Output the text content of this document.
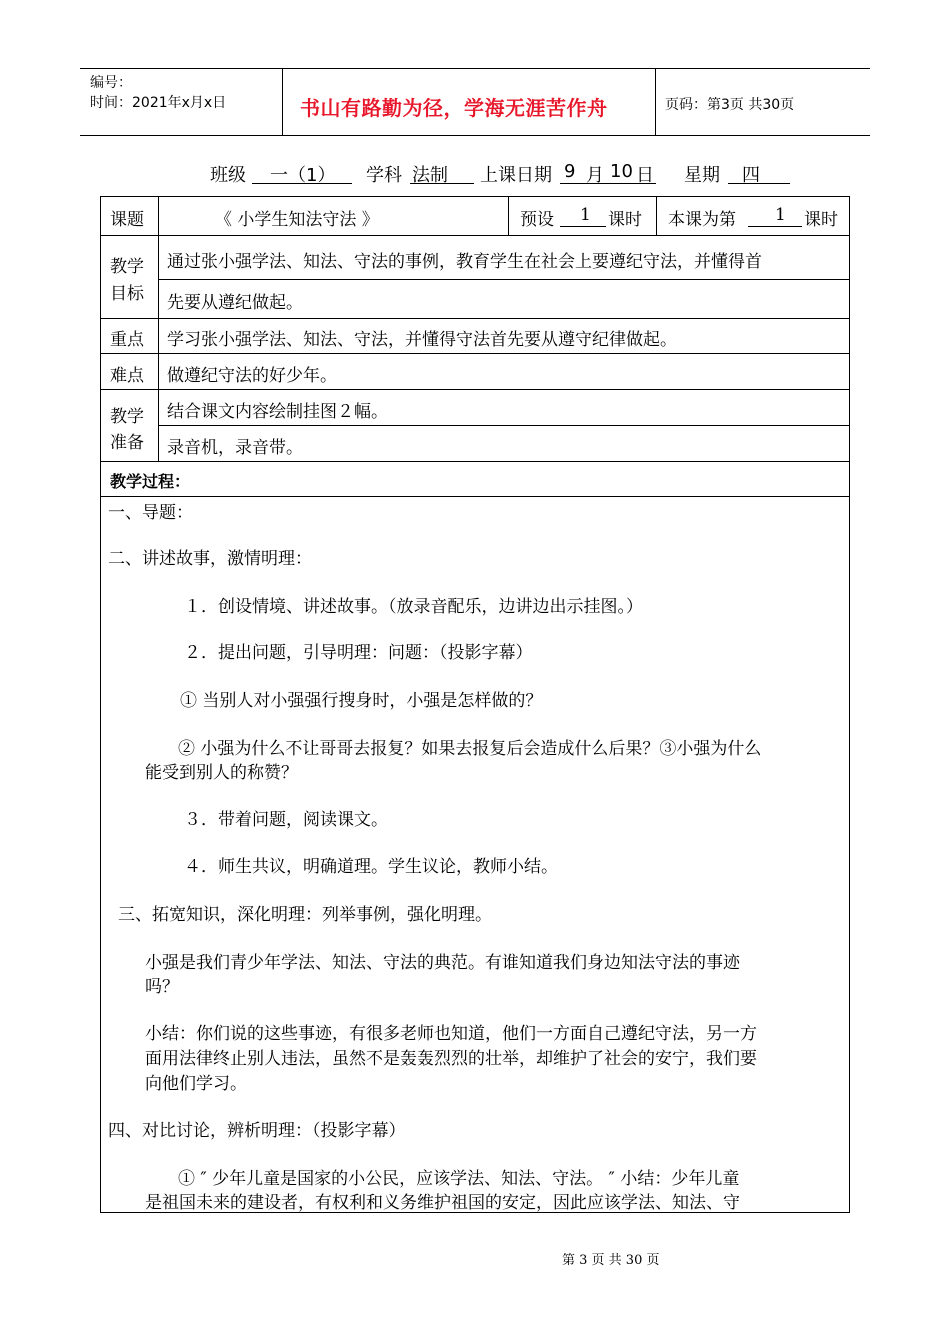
编号：
时间：2021年x月x日	书山有路勤为径，学海无涯苦作舟	页码：第3页 共30页
班级 一（1） 学科 法制 上课日期 9 月 10 日 星期 四
课题	《 小学生知法守法 》	预设 1 课时 本课为第 1 课时
教学
目标
通过张小强学法、知法、守法的事例，教育学生在社会上要遵纪守法，并懂得首
先要从遵纪做起。
重点 学习张小强学法、知法、守法，并懂得守法首先要从遵守纪律做起。
难点 做遵纪守法的好少年。
教学
准备
结合课文内容绘制挂图２幅。
录音机，录音带。
教学过程：
一、导题：
二、讲述故事，激情明理：
１．创设情境、讲述故事。（放录音配乐，边讲边出示挂图。）
２．提出问题，引导明理：问题：（投影字幕）
① 当别人对小强强行搜身时，小强是怎样做的？
② 小强为什么不让哥哥去报复？如果去报复后会造成什么后果？③小强为什么
能受到别人的称赞？
３．带着问题，阅读课文。
４．师生共议，明确道理。学生议论，教师小结。
三、拓宽知识，深化明理：列举事例，强化明理。
小强是我们青少年学法、知法、守法的典范。有谁知道我们身边知法守法的事迹
吗？
小结：你们说的这些事迹，有很多老师也知道，他们一方面自己遵纪守法，另一方
面用法律终止别人违法，虽然不是轰轰烈烈的壮举，却维护了社会的安宁，我们要
向他们学习。
四、对比讨论，辨析明理：（投影字幕）
① ″ 少年儿童是国家的小公民，应该学法、知法、守法。 ″ 小结：少年儿童
是祖国未来的建设者，有权利和义务维护祖国的安定，因此应该学法、知法、守
第 3 页 共 30 页
